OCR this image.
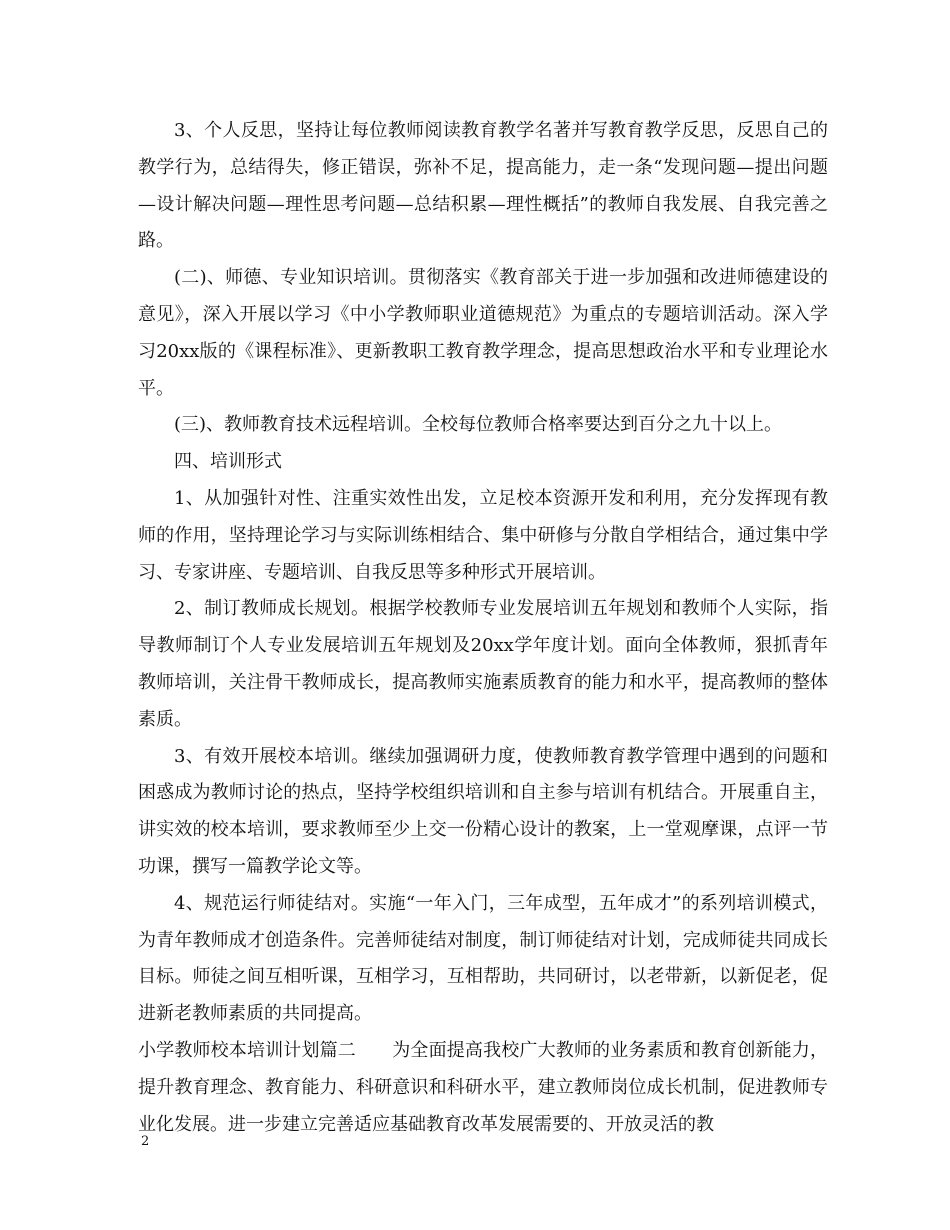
3、个人反思，坚持让每位教师阅读教育教学名著并写教育教学反思，反思自己的教学行为，总结得失，修正错误，弥补不足，提高能力，走一条“发现问题—提出问题—设计解决问题—理性思考问题—总结积累—理性概括”的教师自我发展、自我完善之路。

(二)、师德、专业知识培训。贯彻落实《教育部关于进一步加强和改进师德建设的意见》，深入开展以学习《中小学教师职业道德规范》为重点的专题培训活动。深入学习20xx版的《课程标准》、更新教职工教育教学理念，提高思想政治水平和专业理论水平。

(三)、教师教育技术远程培训。全校每位教师合格率要达到百分之九十以上。

四、培训形式

1、从加强针对性、注重实效性出发，立足校本资源开发和利用，充分发挥现有教师的作用，坚持理论学习与实际训练相结合、集中研修与分散自学相结合，通过集中学习、专家讲座、专题培训、自我反思等多种形式开展培训。

2、制订教师成长规划。根据学校教师专业发展培训五年规划和教师个人实际，指导教师制订个人专业发展培训五年规划及20xx学年度计划。面向全体教师，狠抓青年教师培训，关注骨干教师成长，提高教师实施素质教育的能力和水平，提高教师的整体素质。

3、有效开展校本培训。继续加强调研力度，使教师教育教学管理中遇到的问题和困惑成为教师讨论的热点，坚持学校组织培训和自主参与培训有机结合。开展重自主，讲实效的校本培训，要求教师至少上交一份精心设计的教案，上一堂观摩课，点评一节功课，撰写一篇教学论文等。

4、规范运行师徒结对。实施“一年入门，三年成型，五年成才”的系列培训模式，为青年教师成才创造条件。完善师徒结对制度，制订师徒结对计划，完成师徒共同成长目标。师徒之间互相听课，互相学习，互相帮助，共同研讨，以老带新，以新促老，促进新老教师素质的共同提高。

小学教师校本培训计划篇二　　为全面提高我校广大教师的业务素质和教育创新能力，提升教育理念、教育能力、科研意识和科研水平，建立教师岗位成长机制，促进教师专业化发展。进一步建立完善适应基础教育改革发展需要的、开放灵活的教

2
